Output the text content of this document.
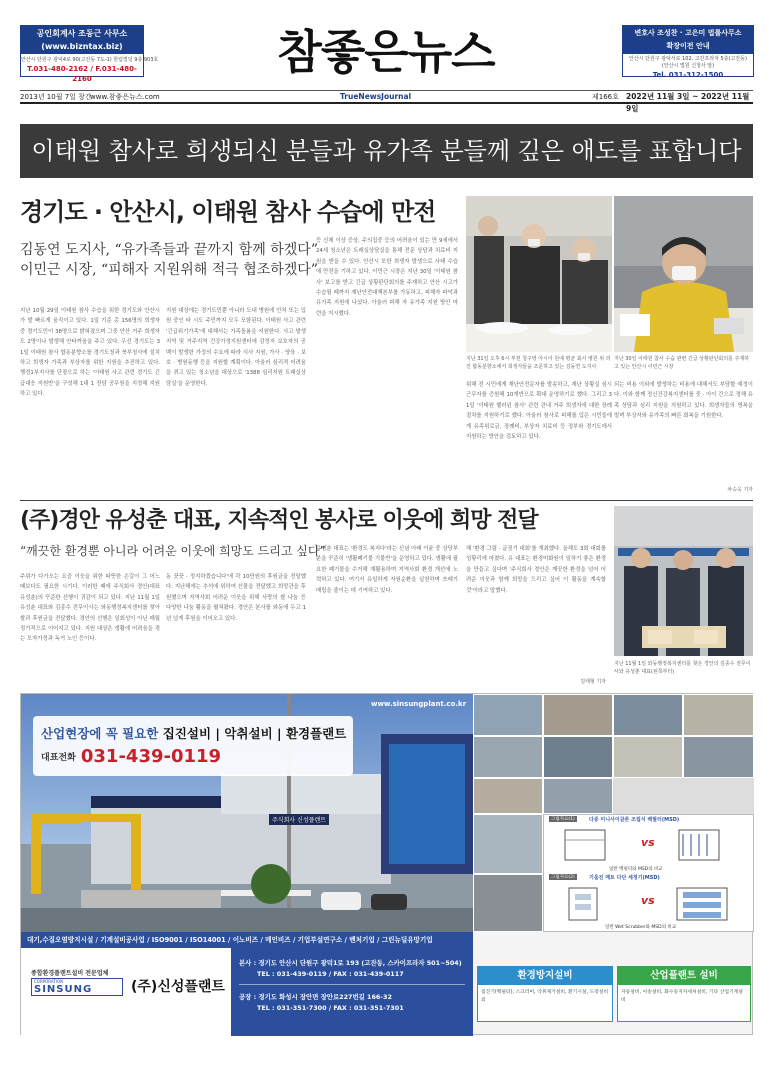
공인회계사 조동근 사무소
(www.bizntax.biz)
안산시 단원구 광덕4로 90(고잔동 7도-1) 한림빌딩 9층 903호
T.031-480-2162 / F.031-480-2160	참좋은뉴스	변호사 조성찬 · 고은미 법률사무소
확장이전 안내
안산시 단원구 광덕서로 102, 고잔프라자 5층(고잔동)
(안산시 법원 신청사 앞)
Tel. 031-312-1500
2013년 10월 7일 창간
www.참좋은뉴스.com	TrueNewsJournal	제166호 2022년 11월 3일 ~ 2022년 11월 9일
이태원 참사로 희생되신 분들과 유가족 분들께 깊은 애도를 표합니다
경기도 · 안산시, 이태원 참사 수습에 만전
김동연 도지사, “유가족들과 끝까지 함께 하겠다”
이민근 시장, “피해자 지원위해 적극 협조하겠다”
지난 10월 29일 이태원 참사 수습을 위한 경기도와 안산시가 발 빠르게 움직이고 있다. 1일 기준 총 156명의 희생자 중 경기도민이 38명으로 밝혀졌으며 그중 안산 거주 희생자도 2명이나 발생해 안타까움을 주고 있다. 우선 경기도는 31일 이태원 참사 합동분향소를 경기도청과 북부청사에 설치하고 희생자 가족과 부상자를 위한 지원을 추진하고 있다. 행정1부지사를 단장으로 하는 '이태원 사고 관련 경기도 긴급대응 지원반'을 구성해 1대 1 전담 공무원을 지정해 지원하고 있다.
지원 대상에는 경기도민뿐 아니라 도내 병원에 안치 또는 입원 중인 타 시도 주민까지 모두 포함된다. 이태원 사고 관련 '긴급위기가족'에 대해서는 가족돌봄을 지원한다. 사고 발생 지역 및 거주지역 건강가정지원센터에 감정지 보호자의 공백이 발생한 가정의 수요에 따라 식사 지원, 가사 · 양육 · 보호 · 병원동행 등을 지원할 계획이다. 아울러 심리적 어려움을 겪고 있는 청소년을 대상으로 '1388 심리지원 트래실상담실'을 운영한다.
등 신체 이상 증상, 주의집중 등의 어려움이 있는 만 9세에서 24세 청소년은 트래실상담실을 통해 전문 상담과 치료비 지원을 받을 수 있다. 안산시 또한 희생자 발생으로 사태 수습에 만전을 기하고 있다. 이민근 시장은 지난 30일 '이태원 참사' 보고를 받고 긴급 상황판단회의를 주재하고 안산 시고가 수습될 때까지 재난안전대책본부를 가동하고, 피해자 파악과 유가족 지원에 나섰다. 아울러 피해 자 유가족 지원 방안 마련을 지시했다.
지난 31일 오후 6시 부천 청구영 아시아 원에 평균 최사 병원 위 러진 합동분향소에서 희생자들을 조문하고 있는 김동연 도지사
지난 30일 이태원 참사 수습 관련 긴급 상황판단회의를 주재하고 있는 안산시 이민근 시장
위해 전 시민에게 재난안전문자를 발송하고, 재난 상황실 심시근무자를 증원해 10개반으로 확대 운영하기로 했다. 그리고 31일 '이태원 핼러윈 참사' 관련 관내 거주 희생자에 대한 장례절차를 지원하기로 했다. 아울러 참사로 피해를 입은 시민들에게 유족위로금, 장례비, 부상자 치료비 등 정부와 경기도에서 지원하는 방안을 검토하고 있다.
되는 비용 이외에 발생하는 비용에 대해서도 부담할 예정이다. 이와 함께 정신건강복지센터를 중 · 아이 간으로 정해 유족 상담과 심리 지원을 지원하고 있다. 희생자들의 명복을 빌며 부상자와 유가족의 빠른 회복을 기원한다.
차승욱 기자
(주)경안 유성춘 대표, 지속적인 봉사로 이웃에 희망 전달
“깨끗한 환경뿐 아니라 어려운 이웃에 희망도 드리고 싶다”
주위가 다가오는 요즘 이웃을 위한 따뜻한 손길이 그 어느 때보다도 필요한 시기다. 이러한 때에 주식회사 경안(대표 유성춘)의 꾸준한 선행이 귀감이 되고 있다. 지난 11월 1일 유성춘 대표와 김종수 전무이사는 와동행정복지센터를 찾아 쌀과 후원금을 전달했다. 경안의 선행은 일회성이 아닌 매월 정기적으로 이어지고 있다. 지원 대상은 생활에 어려움을 겪는 모자가정과 독거 노인 등이다.
동 꿋꿋 · 정지하겠습니다'에 각 10만원의 후원금을 전달했다. 지난해에는 추석에 위하여 선물을 전달했고 희망관을 후원했으며 지역사회 어려운 이웃을 위해 사랑의 쌀 나눔 등 다양한 나눔 활동을 펼쳐왔다. 경안은 본사를 와동에 두고 1년 넘게 후원을 이어오고 있다.
유성춘 대표는 '환경도 복지다'라는 신념 아래 이윤 중 상당부분을 꾸준히 '생활폐기물 기물반'을 운영하고 있다. 생활에 필요한 폐기물을 수거해 재활용하며 지역사회 환경 개선에 노력하고 있다. 여기서 유일하게 자원순환을 실천하며 쓰레기 매립을 줄이는 데 기여하고 있다.
해 '환경 그림 · 글짓기 대회'를 개최했다. 올해도 3회 대회를 성황리에 마쳤다. 유 대표는 환경미화원이 일하기 좋은 환경을 만들고 싶다며 '주식회사 경안은 깨끗한 환경을 넘어 어려운 이웃과 함께 희망을 드리고 싶어 이 활동을 계속할 것'이라고 말했다.
김태형 기자
지난 11월 1일 와동행정복지센터를 찾은 경안의 김종수 전무이사와 유성춘 대표(왼쪽부터)
www.sinsungplant.co.kr
산업현장에 꼭 필요한 집진설비 | 악취설비 | 환경플랜트
대표전화 031-439-0119
주식회사 신성플랜트	그림자료(1)	다중 미니사이클론 조립식 백필터(MSD)
vs
일반 백필터와 MSD의 비교
그림자료(2)	기울진 매트 다단 세정기(MSD)
vs
일반 Wet Scrubber와 MSD의 비교
대기,수질오염방지시설 / 기계설비공사업 / ISO9001 / ISO14001 / 이노비즈 / 메인비즈 / 기업부설연구소 / 벤처기업 / 그린뉴딜유망기업
종합환경플랜트설비 전문업체
CORPORATION
SINSUNG	(주)신성플랜트
본사 : 경기도 안산시 단원구 광덕1로 193 (고잔동, 스카이프라자 501~504)
TEL : 031-439-0119 / FAX : 031-439-0117
공장 : 경기도 화성시 장안면 장안로227번길 166-32
TEL : 031-351-7300 / FAX : 031-351-7301
환경방지설비
집진기(백필터), 스크러버, 악취제거설비, 환기시설, 도장설비 외
산업플랜트 설비
자동설비, 이송설비, 화수송지자세처설비, 기타 산업기계설비
